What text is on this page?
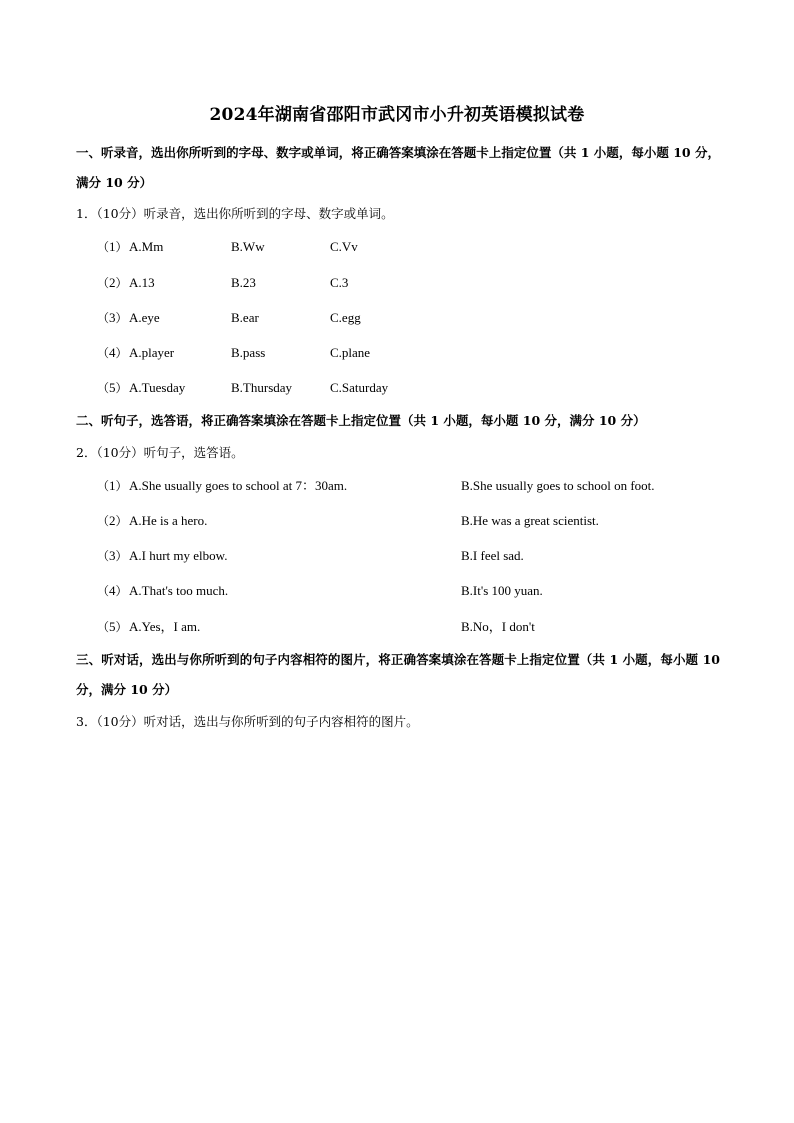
2024年湖南省邵阳市武冈市小升初英语模拟试卷
一、听录音，选出你所听到的字母、数字或单词，将正确答案填涂在答题卡上指定位置（共 1 小题，每小题 10 分，满分 10 分）
1．（10分）听录音，选出你所听到的字母、数字或单词。
（1） A.Mm	B.Ww	C.Vv
（2） A.13	B.23	C.3
（3） A.eye	B.ear	C.egg
（4） A.player	B.pass	C.plane
（5） A.Tuesday	B.Thursday	C.Saturday
二、听句子，选答语，将正确答案填涂在答题卡上指定位置（共 1 小题，每小题 10 分，满分 10 分）
2．（10分）听句子，选答语。
（1） A.She usually goes to school at 7：30am.	B.She usually goes to school on foot.
（2） A.He is a hero.	B.He was a great scientist.
（3） A.I hurt my elbow.	B.I feel sad.
（4） A.That's too much.	B.It's 100 yuan.
（5） A.Yes，I am.	B.No，I don't
三、听对话，选出与你所听到的句子内容相符的图片，将正确答案填涂在答题卡上指定位置（共 1 小题，每小题 10 分，满分 10 分）
3．（10分）听对话，选出与你所听到的句子内容相符的图片。
